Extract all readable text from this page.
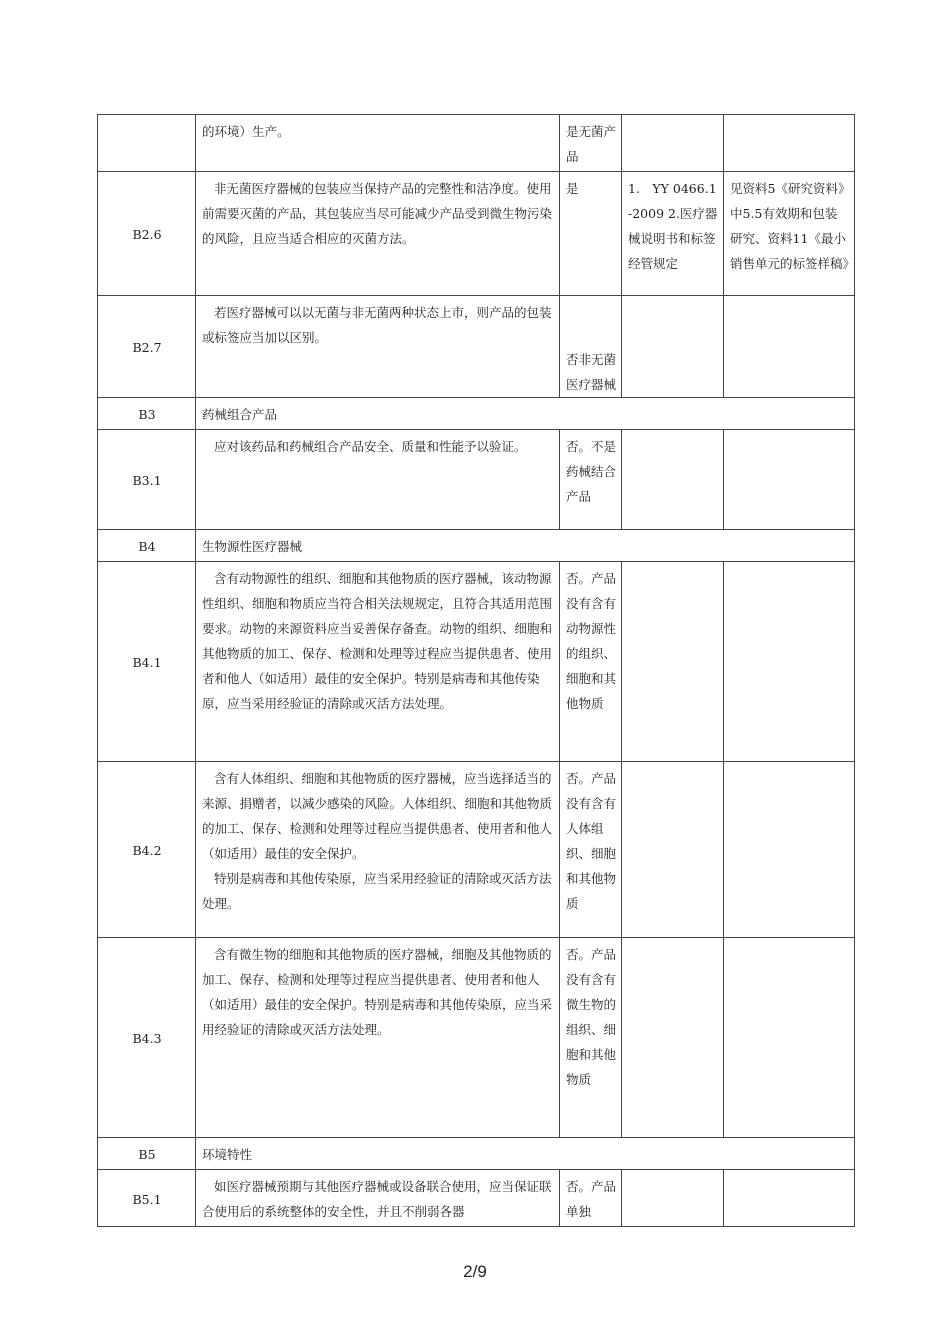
	的环境）生产。	是无菌产品		
B2.6	非无菌医疗器械的包装应当保持产品的完整性和洁净度。使用前需要灭菌的产品，其包装应当尽可能减少产品受到微生物污染的风险，且应当适合相应的灭菌方法。	是	1.　YY 0466.1-2009 2.医疗器械说明书和标签经管规定	见资料5《研究资料》中5.5有效期和包装研究、资料11《最小销售单元的标签样稿》
B2.7	若医疗器械可以以无菌与非无菌两种状态上市，则产品的包装或标签应当加以区别。	否非无菌医疗器械		
B3	药械组合产品			
B3.1	应对该药品和药械组合产品安全、质量和性能予以验证。	否。不是药械结合产品		
B4	生物源性医疗器械			
B4.1	含有动物源性的组织、细胞和其他物质的医疗器械，该动物源性组织、细胞和物质应当符合相关法规规定，且符合其适用范围要求。动物的来源资料应当妥善保存备查。动物的组织、细胞和其他物质的加工、保存、检测和处理等过程应当提供患者、使用者和他人（如适用）最佳的安全保护。特别是病毒和其他传染原，应当采用经验证的清除或灭活方法处理。	否。产品没有含有动物源性的组织、细胞和其他物质		
B4.2	含有人体组织、细胞和其他物质的医疗器械，应当选择适当的来源、捐赠者，以减少感染的风险。人体组织、细胞和其他物质的加工、保存、检测和处理等过程应当提供患者、使用者和他人（如适用）最佳的安全保护。
特别是病毒和其他传染原，应当采用经验证的清除或灭活方法处理。	否。产品没有含有人体组织、细胞和其他物质		
B4.3	含有微生物的细胞和其他物质的医疗器械，细胞及其他物质的加工、保存、检测和处理等过程应当提供患者、使用者和他人（如适用）最佳的安全保护。特别是病毒和其他传染原，应当采用经验证的清除或灭活方法处理。	否。产品没有含有微生物的组织、细胞和其他物质		
B5	环境特性			
B5.1	如医疗器械预期与其他医疗器械或设备联合使用，应当保证联合使用后的系统整体的安全性，并且不削弱各器	否。产品单独		
2/9
